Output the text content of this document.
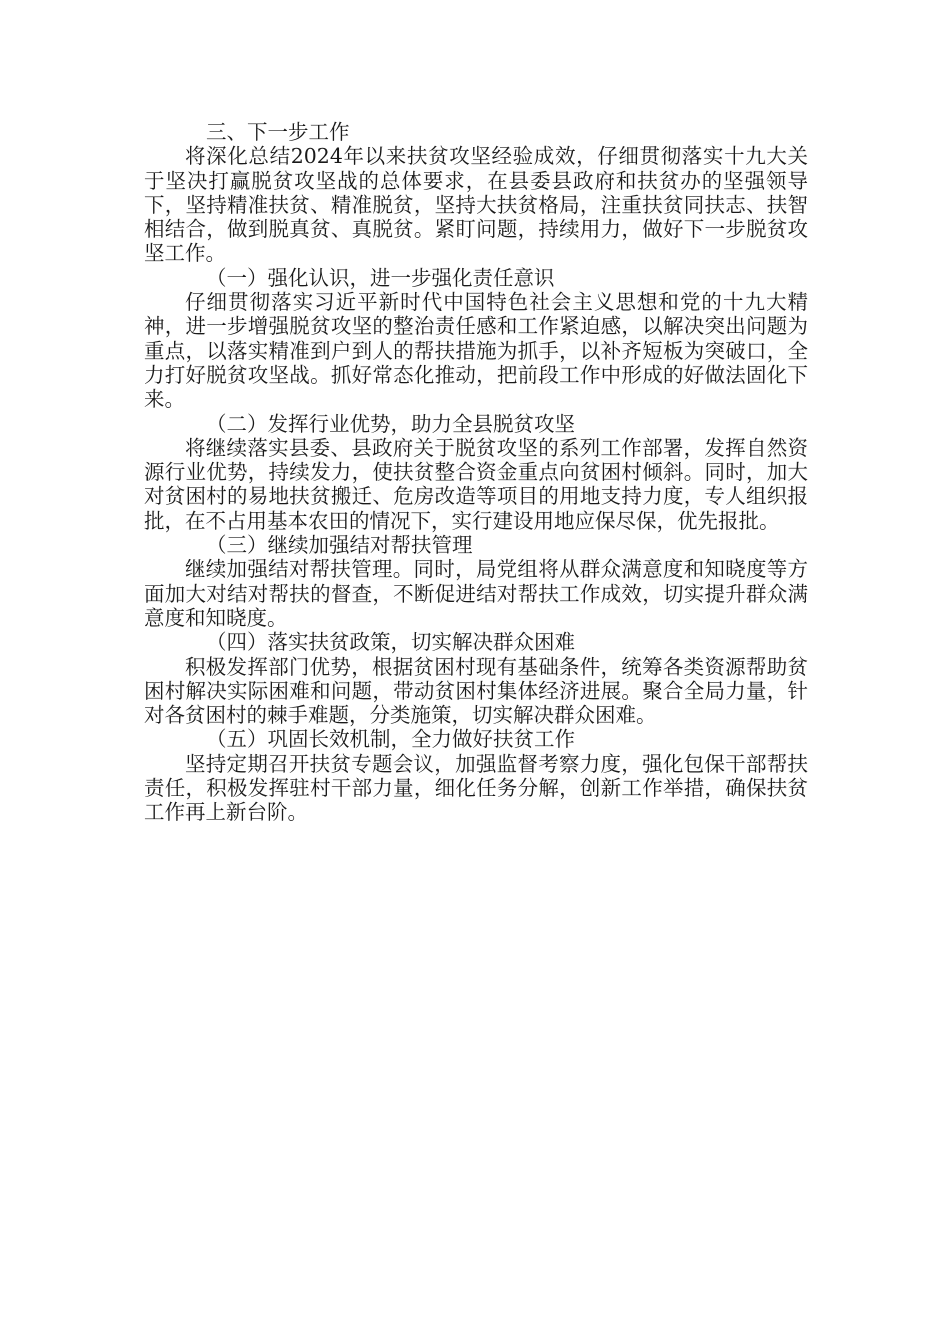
三、下一步工作

将深化总结2024年以来扶贫攻坚经验成效，仔细贯彻落实十九大关于坚决打赢脱贫攻坚战的总体要求，在县委县政府和扶贫办的坚强领导下，坚持精准扶贫、精准脱贫，坚持大扶贫格局，注重扶贫同扶志、扶智相结合，做到脱真贫、真脱贫。紧盯问题，持续用力，做好下一步脱贫攻坚工作。

（一）强化认识，进一步强化责任意识

仔细贯彻落实习近平新时代中国特色社会主义思想和党的十九大精神，进一步增强脱贫攻坚的整治责任感和工作紧迫感，以解决突出问题为重点，以落实精准到户到人的帮扶措施为抓手，以补齐短板为突破口，全力打好脱贫攻坚战。抓好常态化推动，把前段工作中形成的好做法固化下来。

（二）发挥行业优势，助力全县脱贫攻坚

将继续落实县委、县政府关于脱贫攻坚的系列工作部署，发挥自然资源行业优势，持续发力，使扶贫整合资金重点向贫困村倾斜。同时，加大对贫困村的易地扶贫搬迁、危房改造等项目的用地支持力度，专人组织报批，在不占用基本农田的情况下，实行建设用地应保尽保，优先报批。

（三）继续加强结对帮扶管理

继续加强结对帮扶管理。同时，局党组将从群众满意度和知晓度等方面加大对结对帮扶的督查，不断促进结对帮扶工作成效，切实提升群众满意度和知晓度。

（四）落实扶贫政策，切实解决群众困难

积极发挥部门优势，根据贫困村现有基础条件，统筹各类资源帮助贫困村解决实际困难和问题，带动贫困村集体经济进展。聚合全局力量，针对各贫困村的棘手难题，分类施策，切实解决群众困难。

（五）巩固长效机制，全力做好扶贫工作

坚持定期召开扶贫专题会议，加强监督考察力度，强化包保干部帮扶责任，积极发挥驻村干部力量，细化任务分解，创新工作举措，确保扶贫工作再上新台阶。
